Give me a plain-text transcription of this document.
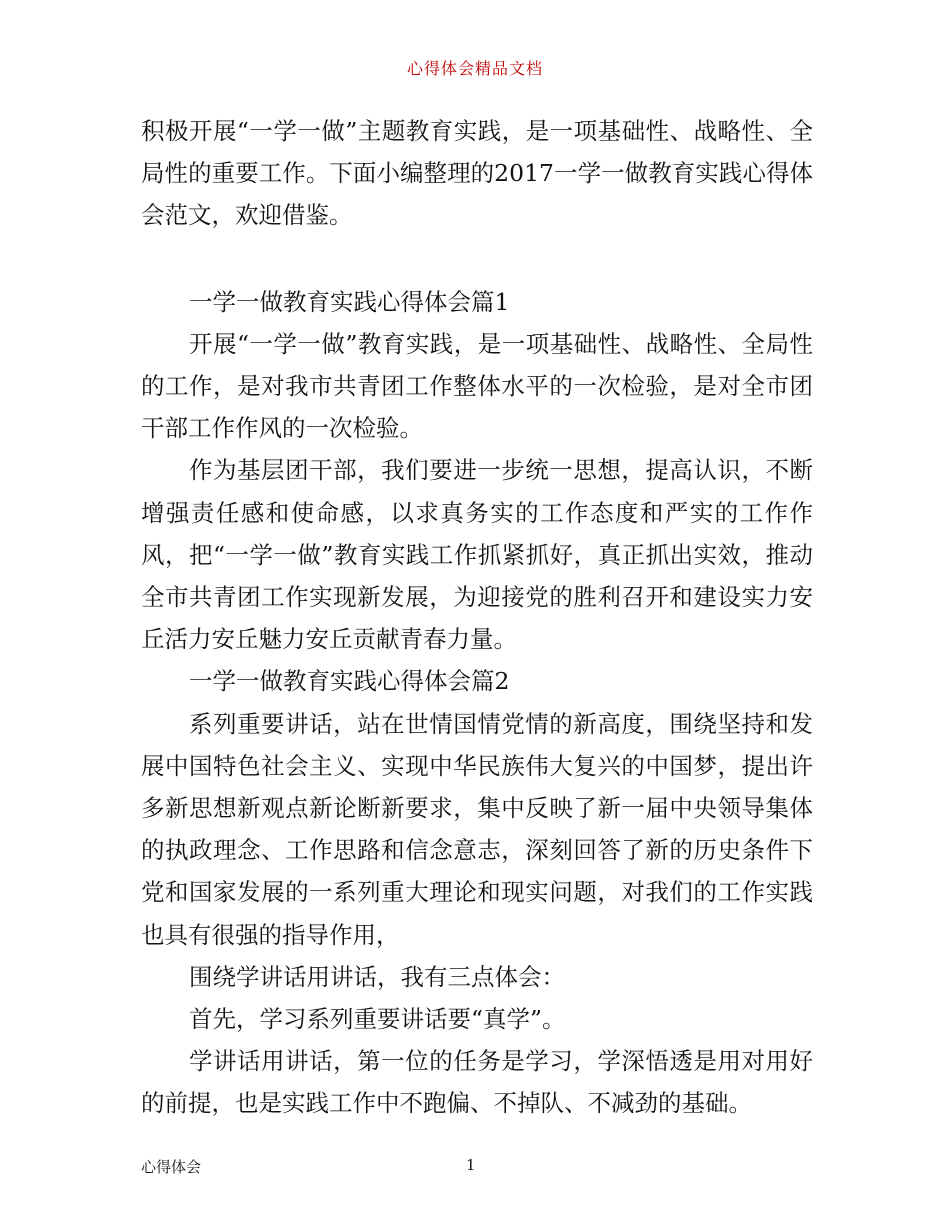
心得体会精品文档

积极开展“一学一做”主题教育实践，是一项基础性、战略性、全局性的重要工作。下面小编整理的2017一学一做教育实践心得体会范文，欢迎借鉴。

一学一做教育实践心得体会篇1

开展“一学一做”教育实践，是一项基础性、战略性、全局性的工作，是对我市共青团工作整体水平的一次检验，是对全市团干部工作作风的一次检验。

作为基层团干部，我们要进一步统一思想，提高认识，不断增强责任感和使命感，以求真务实的工作态度和严实的工作作风，把“一学一做”教育实践工作抓紧抓好，真正抓出实效，推动全市共青团工作实现新发展，为迎接党的胜利召开和建设实力安丘活力安丘魅力安丘贡献青春力量。

一学一做教育实践心得体会篇2

系列重要讲话，站在世情国情党情的新高度，围绕坚持和发展中国特色社会主义、实现中华民族伟大复兴的中国梦，提出许多新思想新观点新论断新要求，集中反映了新一届中央领导集体的执政理念、工作思路和信念意志，深刻回答了新的历史条件下党和国家发展的一系列重大理论和现实问题，对我们的工作实践也具有很强的指导作用，

围绕学讲话用讲话，我有三点体会：

首先，学习系列重要讲话要“真学”。

学讲话用讲话，第一位的任务是学习，学深悟透是用对用好的前提，也是实践工作中不跑偏、不掉队、不减劲的基础。

心得体会	1
